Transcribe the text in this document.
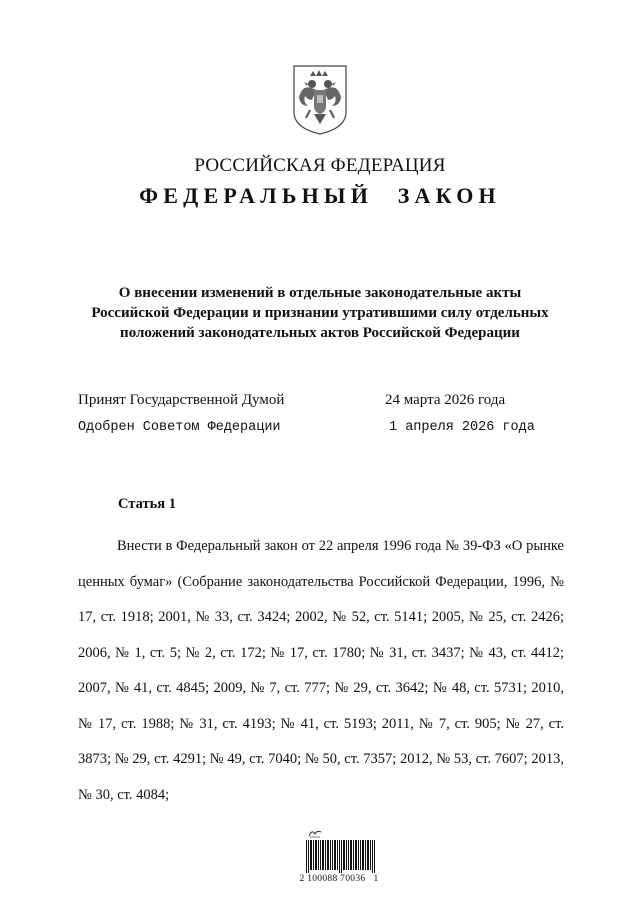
РОССИЙСКАЯ ФЕДЕРАЦИЯ
ФЕДЕРАЛЬНЫЙ ЗАКОН
О внесении изменений в отдельные законодательные акты
Российской Федерации и признании утратившими силу отдельных
положений законодательных актов Российской Федерации
Принят Государственной Думой	24 марта 2026 года
Одобрен Советом Федерации	1 апреля 2026 года
Статья 1
Внести в Федеральный закон от 22 апреля 1996 года № 39-ФЗ «О рынке ценных бумаг» (Собрание законодательства Российской Федерации, 1996, № 17, ст. 1918; 2001, № 33, ст. 3424; 2002, № 52, ст. 5141; 2005, № 25, ст. 2426; 2006, № 1, ст. 5; № 2, ст. 172; № 17, ст. 1780; № 31, ст. 3437; № 43, ст. 4412; 2007, № 41, ст. 4845; 2009, № 7, ст. 777; № 29, ст. 3642; № 48, ст. 5731; 2010, № 17, ст. 1988; № 31, ст. 4193; № 41, ст. 5193; 2011, № 7, ст. 905; № 27, ст. 3873; № 29, ст. 4291; № 49, ст. 7040; № 50, ст. 7357; 2012, № 53, ст. 7607; 2013, № 30, ст. 4084;
2 100088 70036   1
